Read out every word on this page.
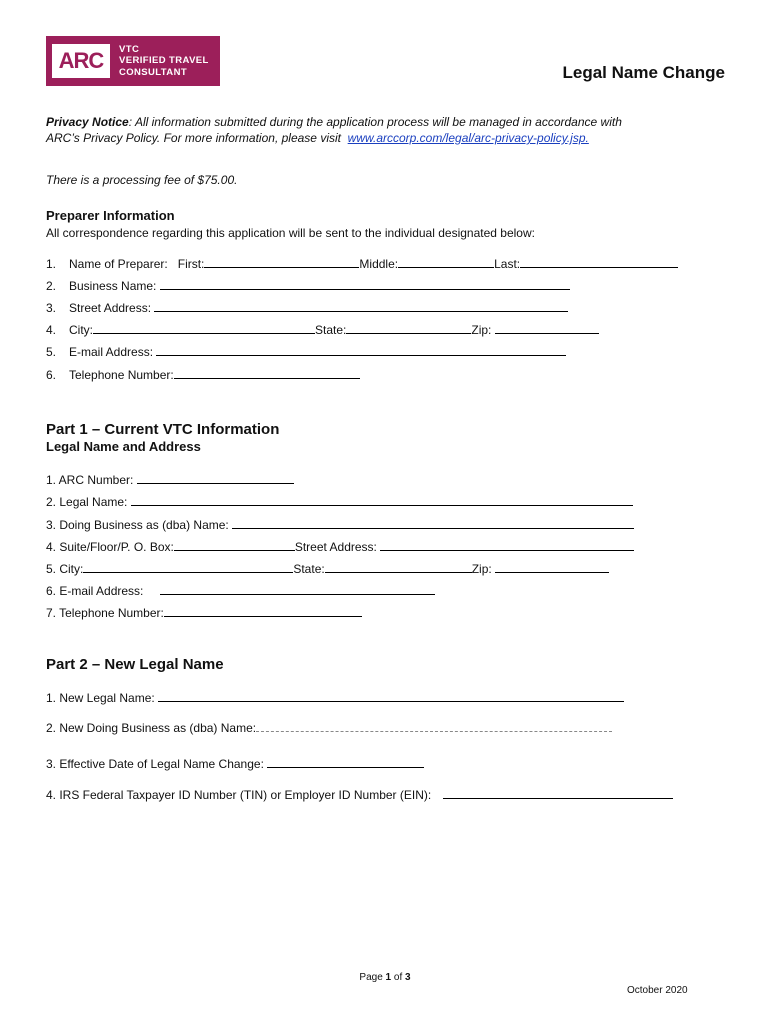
ARC	VTC
VERIFIED TRAVEL
CONSULTANT	Legal Name Change
Privacy Notice: All information submitted during the application process will be managed in accordance with
ARC’s Privacy Policy. For more information, please visit www.arccorp.com/legal/arc-privacy-policy.jsp.
There is a processing fee of $75.00.
Preparer Information
All correspondence regarding this application will be sent to the individual designated below:
1. Name of Preparer: First:	Middle:	Last:
2. Business Name:
3. Street Address:
4. City:	State:	Zip:
5. E-mail Address:
6. Telephone Number:
Part 1 – Current VTC Information
Legal Name and Address
1. ARC Number:
2. Legal Name:
3. Doing Business as (dba) Name:
4. Suite/Floor/P. O. Box:	Street Address:
5. City:	State:	Zip:
6. E-mail Address:
7. Telephone Number:
Part 2 – New Legal Name
1. New Legal Name:
2. New Doing Business as (dba) Name:
3. Effective Date of Legal Name Change:
4. IRS Federal Taxpayer ID Number (TIN) or Employer ID Number (EIN):
Page 1 of 3
October 2020
